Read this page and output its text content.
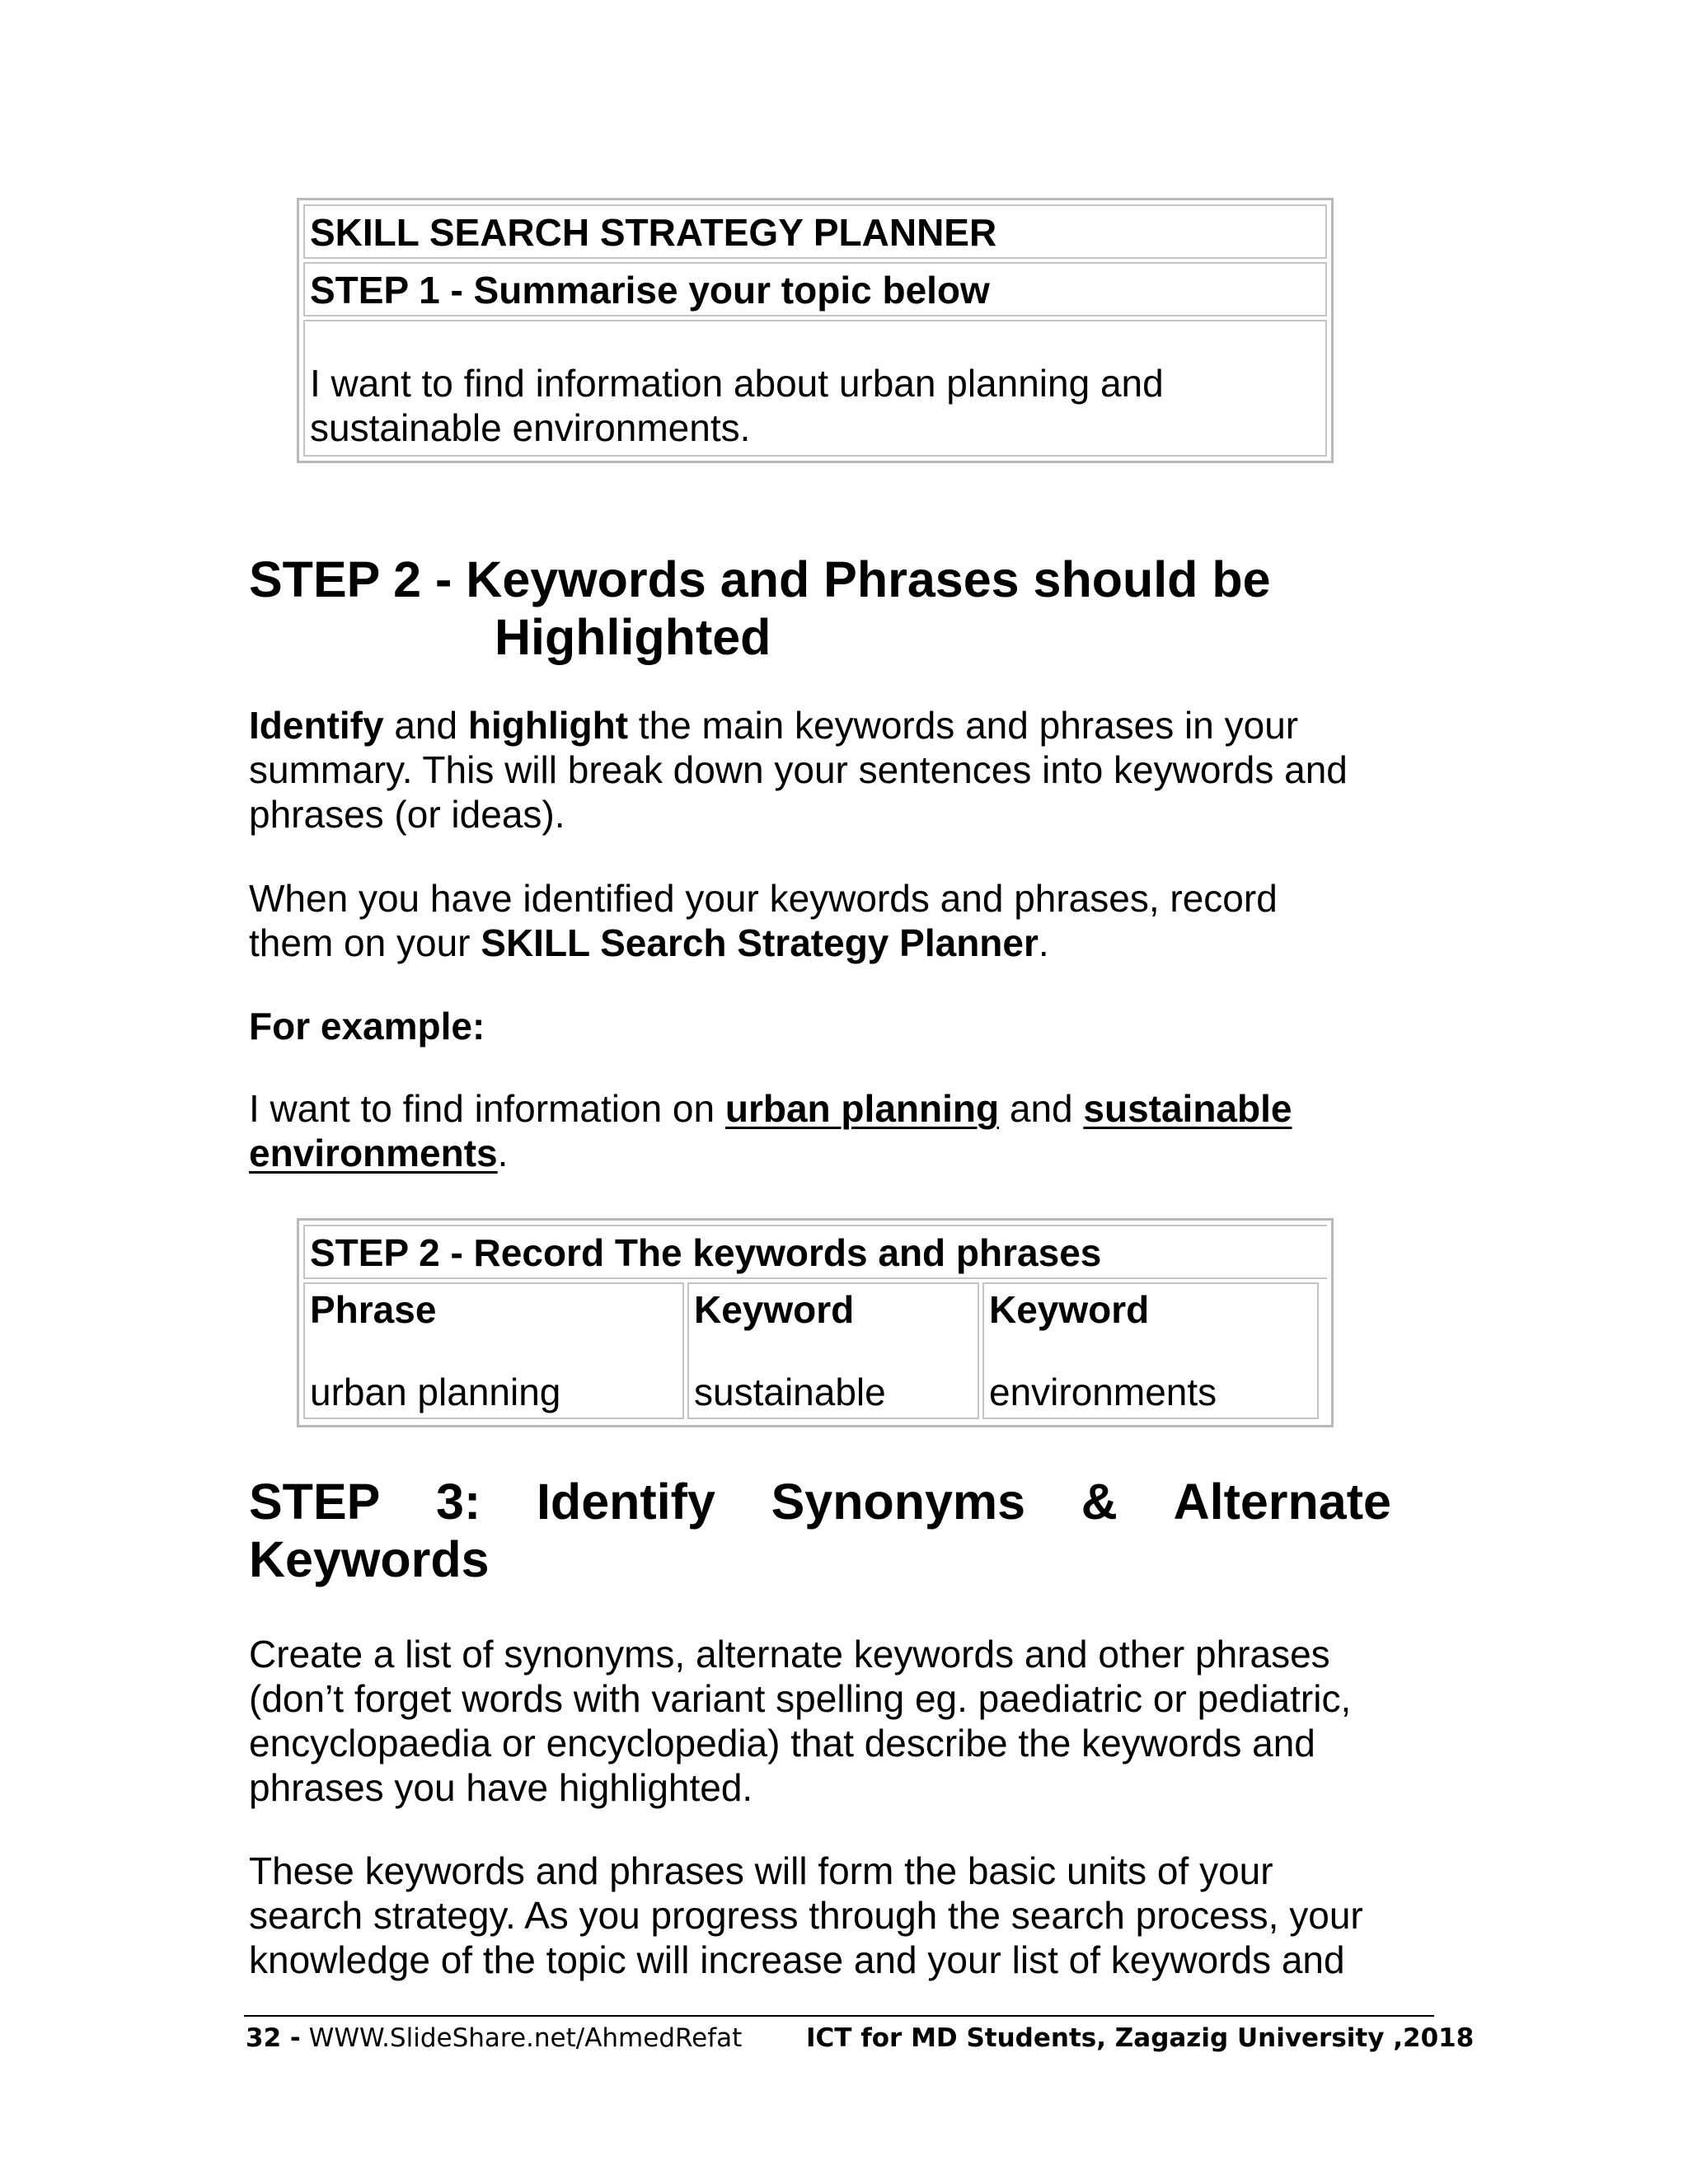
SKILL SEARCH STRATEGY PLANNER
STEP 1 - Summarise your topic below
I want to find information about urban planning and
sustainable environments.
STEP 2 - Keywords and Phrases should be
Highlighted
Identify and highlight the main keywords and phrases in your
summary. This will break down your sentences into keywords and
phrases (or ideas).
When you have identified your keywords and phrases, record
them on your SKILL Search Strategy Planner.
For example:
I want to find information on urban planning and sustainable
environments.
STEP 2 - Record The keywords and phrases
Phrase
urban planning
Keyword
sustainable
Keyword
environments
STEP 3: Identify Synonyms & Alternate
Keywords
Create a list of synonyms, alternate keywords and other phrases
(don’t forget words with variant spelling eg. paediatric or pediatric,
encyclopaedia or encyclopedia) that describe the keywords and
phrases you have highlighted.
These keywords and phrases will form the basic units of your
search strategy. As you progress through the search process, your
knowledge of the topic will increase and your list of keywords and
32 - WWW.SlideShare.net/AhmedRefat	ICT for MD Students, Zagazig University ,2018
